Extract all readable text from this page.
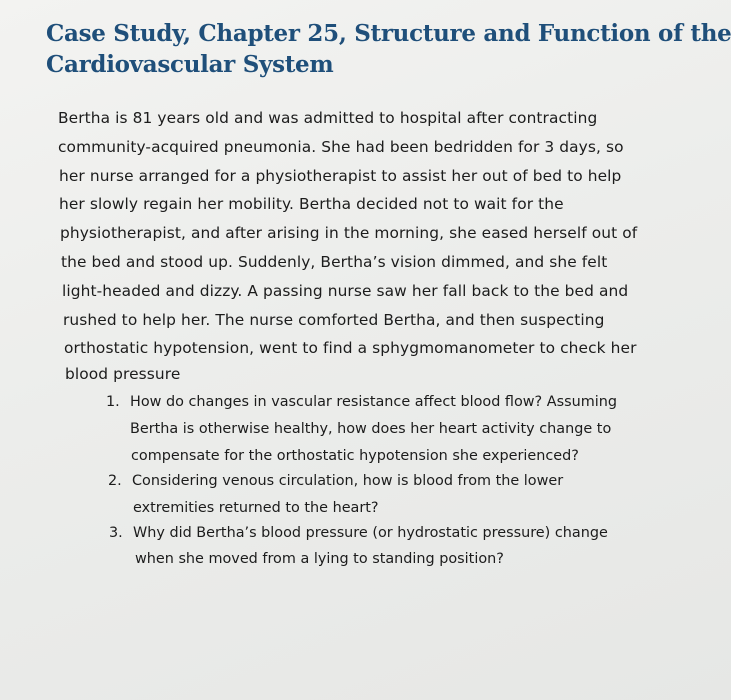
Case Study, Chapter 25, Structure and Function of the
Cardiovascular System
Bertha is 81 years old and was admitted to hospital after contracting
community-acquired pneumonia. She had been bedridden for 3 days, so
her nurse arranged for a physiotherapist to assist her out of bed to help
her slowly regain her mobility. Bertha decided not to wait for the
physiotherapist, and after arising in the morning, she eased herself out of
the bed and stood up. Suddenly, Bertha’s vision dimmed, and she felt
light-headed and dizzy. A passing nurse saw her fall back to the bed and
rushed to help her. The nurse comforted Bertha, and then suspecting
orthostatic hypotension, went to find a sphygmomanometer to check her
blood pressure
1. How do changes in vascular resistance affect blood flow? Assuming
Bertha is otherwise healthy, how does her heart activity change to
compensate for the orthostatic hypotension she experienced?
2. Considering venous circulation, how is blood from the lower
extremities returned to the heart?
3. Why did Bertha’s blood pressure (or hydrostatic pressure) change
when she moved from a lying to standing position?
